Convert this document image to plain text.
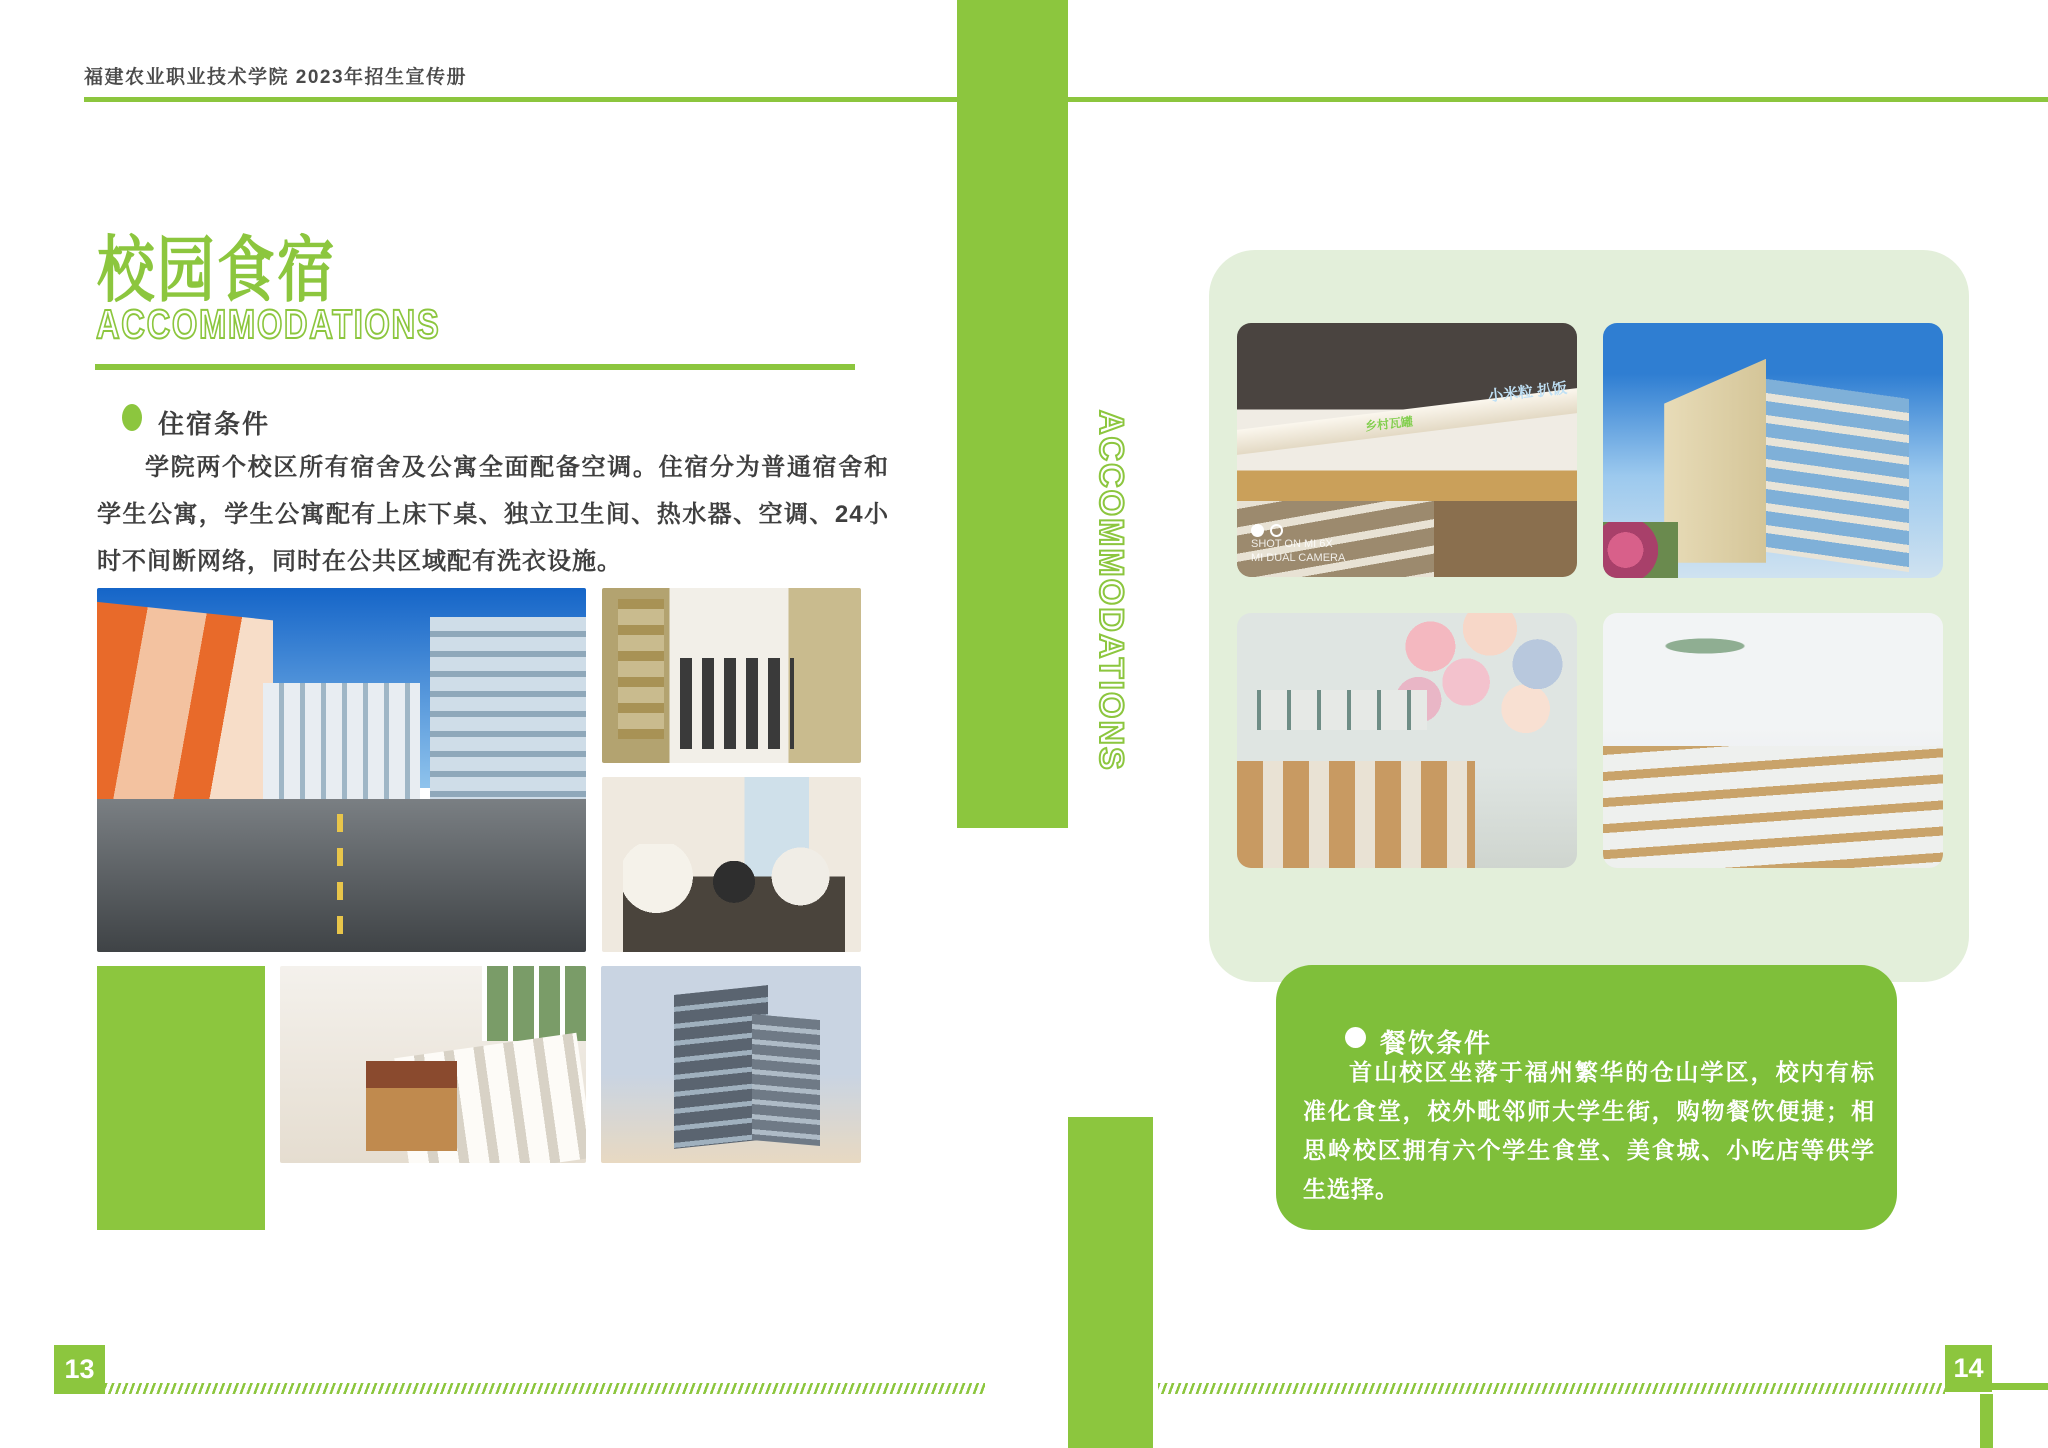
福建农业职业技术学院 2023年招生宣传册
校园食宿
ACCOMMODATIONS
住宿条件
学院两个校区所有宿舍及公寓全面配备空调。住宿分为普通宿舍和学生公寓，学生公寓配有上床下桌、独立卫生间、热水器、空调、24小时不间断网络，同时在公共区域配有洗衣设施。	ACCOMMODATIONS
小米粒 扒饭
乡村瓦罐
SHOT ON MI 6X
MI DUAL CAMERA
餐饮条件
首山校区坐落于福州繁华的仓山学区，校内有标准化食堂，校外毗邻师大学生街，购物餐饮便捷；相思岭校区拥有六个学生食堂、美食城、小吃店等供学生选择。
13	14
